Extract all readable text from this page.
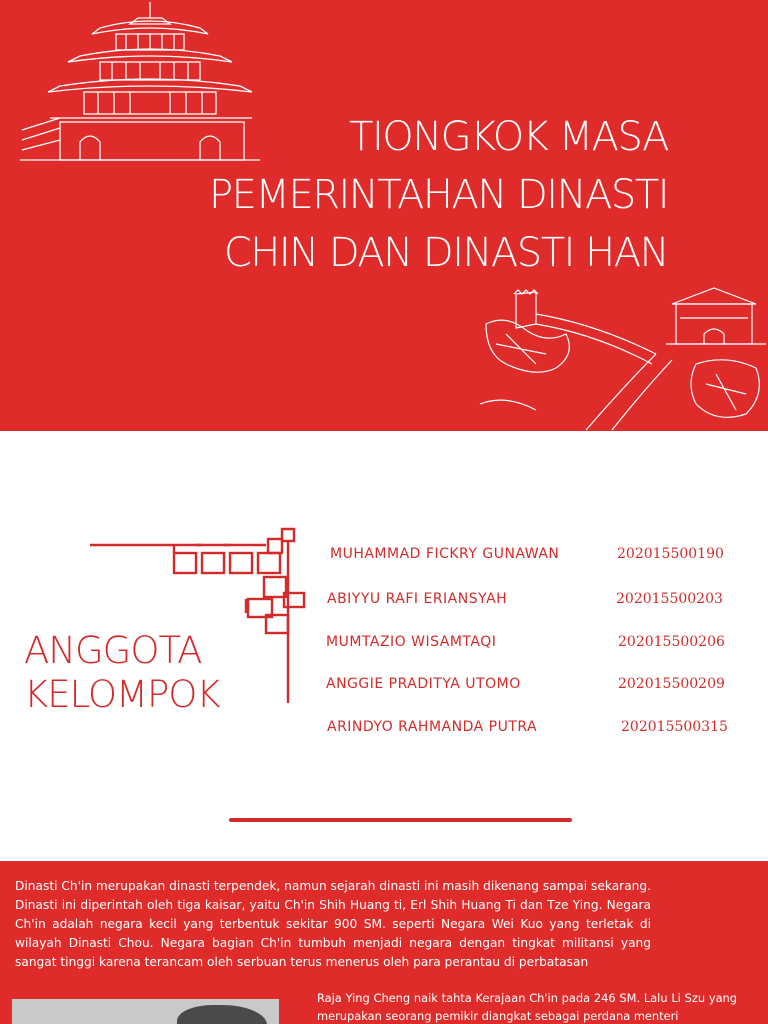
TIONGKOK MASA
PEMERINTAHAN DINASTI
CHIN DAN DINASTI HAN
ANGGOTA
KELOMPOK
MUHAMMAD FICKRY GUNAWAN	202015500190
ABIYYU RAFI ERIANSYAH	202015500203
MUMTAZIO WISAMTAQI	202015500206
ANGGIE PRADITYA UTOMO	202015500209
ARINDYO RAHMANDA PUTRA	202015500315

Dinasti Ch'in merupakan dinasti terpendek, namun sejarah dinasti ini masih dikenang sampai sekarang. Dinasti ini diperintah oleh tiga kaisar, yaitu Ch'in Shih Huang ti, Erl Shih Huang Ti dan Tze Ying. Negara Ch'in adalah negara kecil yang terbentuk sekitar 900 SM. seperti Negara Wei Kuo yang terletak di wilayah Dinasti Chou. Negara bagian Ch'in tumbuh menjadi negara dengan tingkat militansi yang sangat tinggi karena terancam oleh serbuan terus menerus oleh para perantau di perbatasan

Raja Ying Cheng naik tahta Kerajaan Ch'in pada 246 SM. Lalu Li Szu yang merupakan seorang pemikir diangkat sebagai perdana menteri
